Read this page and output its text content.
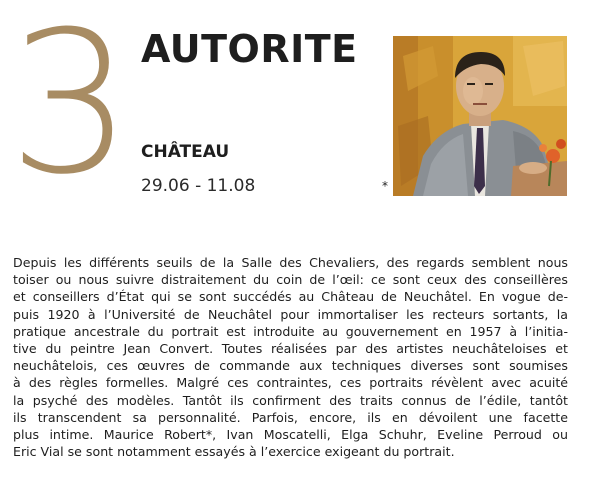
3 AUTORITE
CHÂTEAU
29.06 - 11.08	*
Depuis les différents seuils de la Salle des Chevaliers, des regards semblent nous
toiser ou nous suivre distraitement du coin de l’œil: ce sont ceux des conseillères
et conseillers d’État qui se sont succédés au Château de Neuchâtel. En vogue de-
puis 1920 à l’Université de Neuchâtel pour immortaliser les recteurs sortants, la
pratique ancestrale du portrait est introduite au gouvernement en 1957 à l’initia-
tive du peintre Jean Convert. Toutes réalisées par des artistes neuchâteloises et
neuchâtelois, ces œuvres de commande aux techniques diverses sont soumises
à des règles formelles. Malgré ces contraintes, ces portraits révèlent avec acuité
la psyché des modèles. Tantôt ils confirment des traits connus de l’édile, tantôt
ils transcendent sa personnalité. Parfois, encore, ils en dévoilent une facette
plus intime. Maurice Robert*, Ivan Moscatelli, Elga Schuhr, Eveline Perroud ou
Eric Vial se sont notamment essayés à l’exercice exigeant du portrait.
